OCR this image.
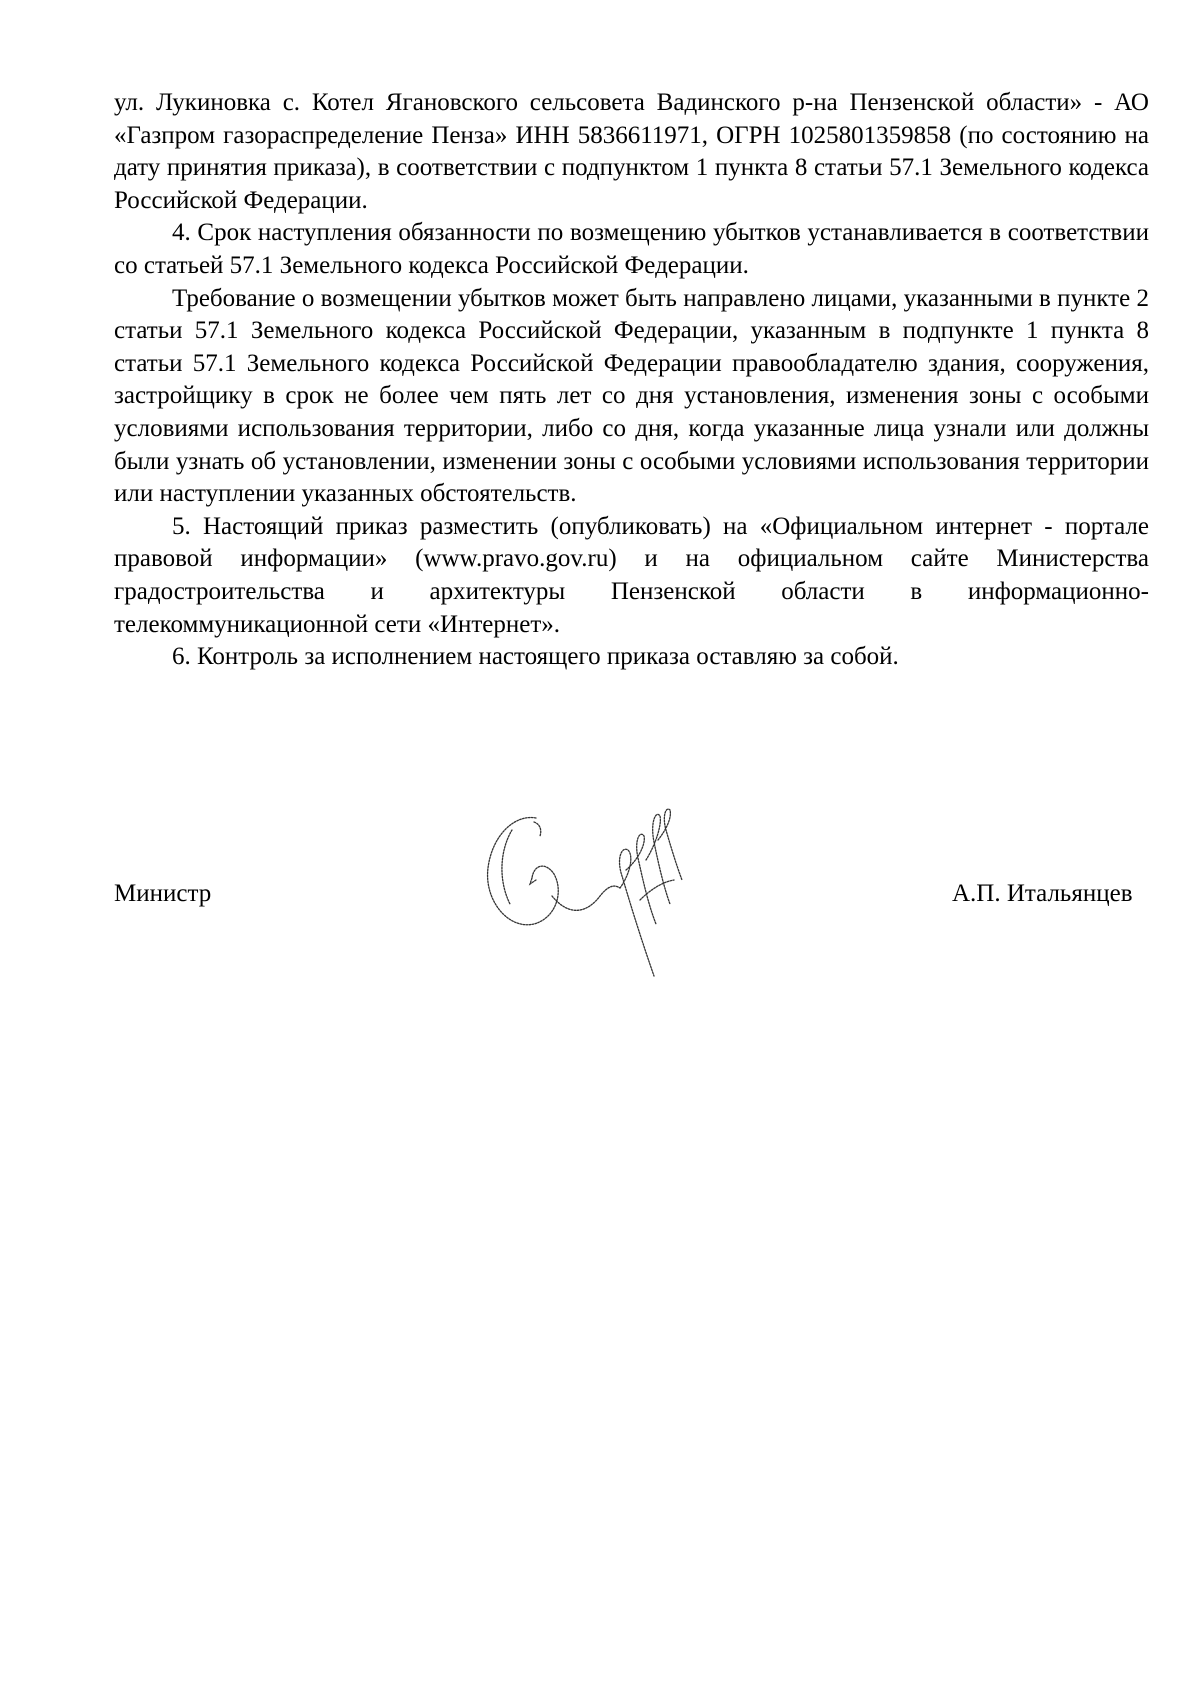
ул. Лукиновка с. Котел Ягановского сельсовета Вадинского р-на Пензенской области» - АО «Газпром газораспределение Пенза» ИНН 5836611971, ОГРН 1025801359858 (по состоянию на дату принятия приказа), в соответствии с подпунктом 1 пункта 8 статьи 57.1 Земельного кодекса Российской Федерации.

4. Срок наступления обязанности по возмещению убытков устанавливается в соответствии со статьей 57.1 Земельного кодекса Российской Федерации.

Требование о возмещении убытков может быть направлено лицами, указанными в пункте 2 статьи 57.1 Земельного кодекса Российской Федерации, указанным в подпункте 1 пункта 8 статьи 57.1 Земельного кодекса Российской Федерации правообладателю здания, сооружения, застройщику в срок не более чем пять лет со дня установления, изменения зоны с особыми условиями использования территории, либо со дня, когда указанные лица узнали или должны были узнать об установлении, изменении зоны с особыми условиями использования территории или наступлении указанных обстоятельств.

5. Настоящий приказ разместить (опубликовать) на «Официальном интернет - портале правовой информации» (www.pravo.gov.ru) и на официальном сайте Министерства градостроительства и архитектуры Пензенской области в информационно-телекоммуникационной сети «Интернет».

6. Контроль за исполнением настоящего приказа оставляю за собой.

Министр	А.П. Итальянцев
